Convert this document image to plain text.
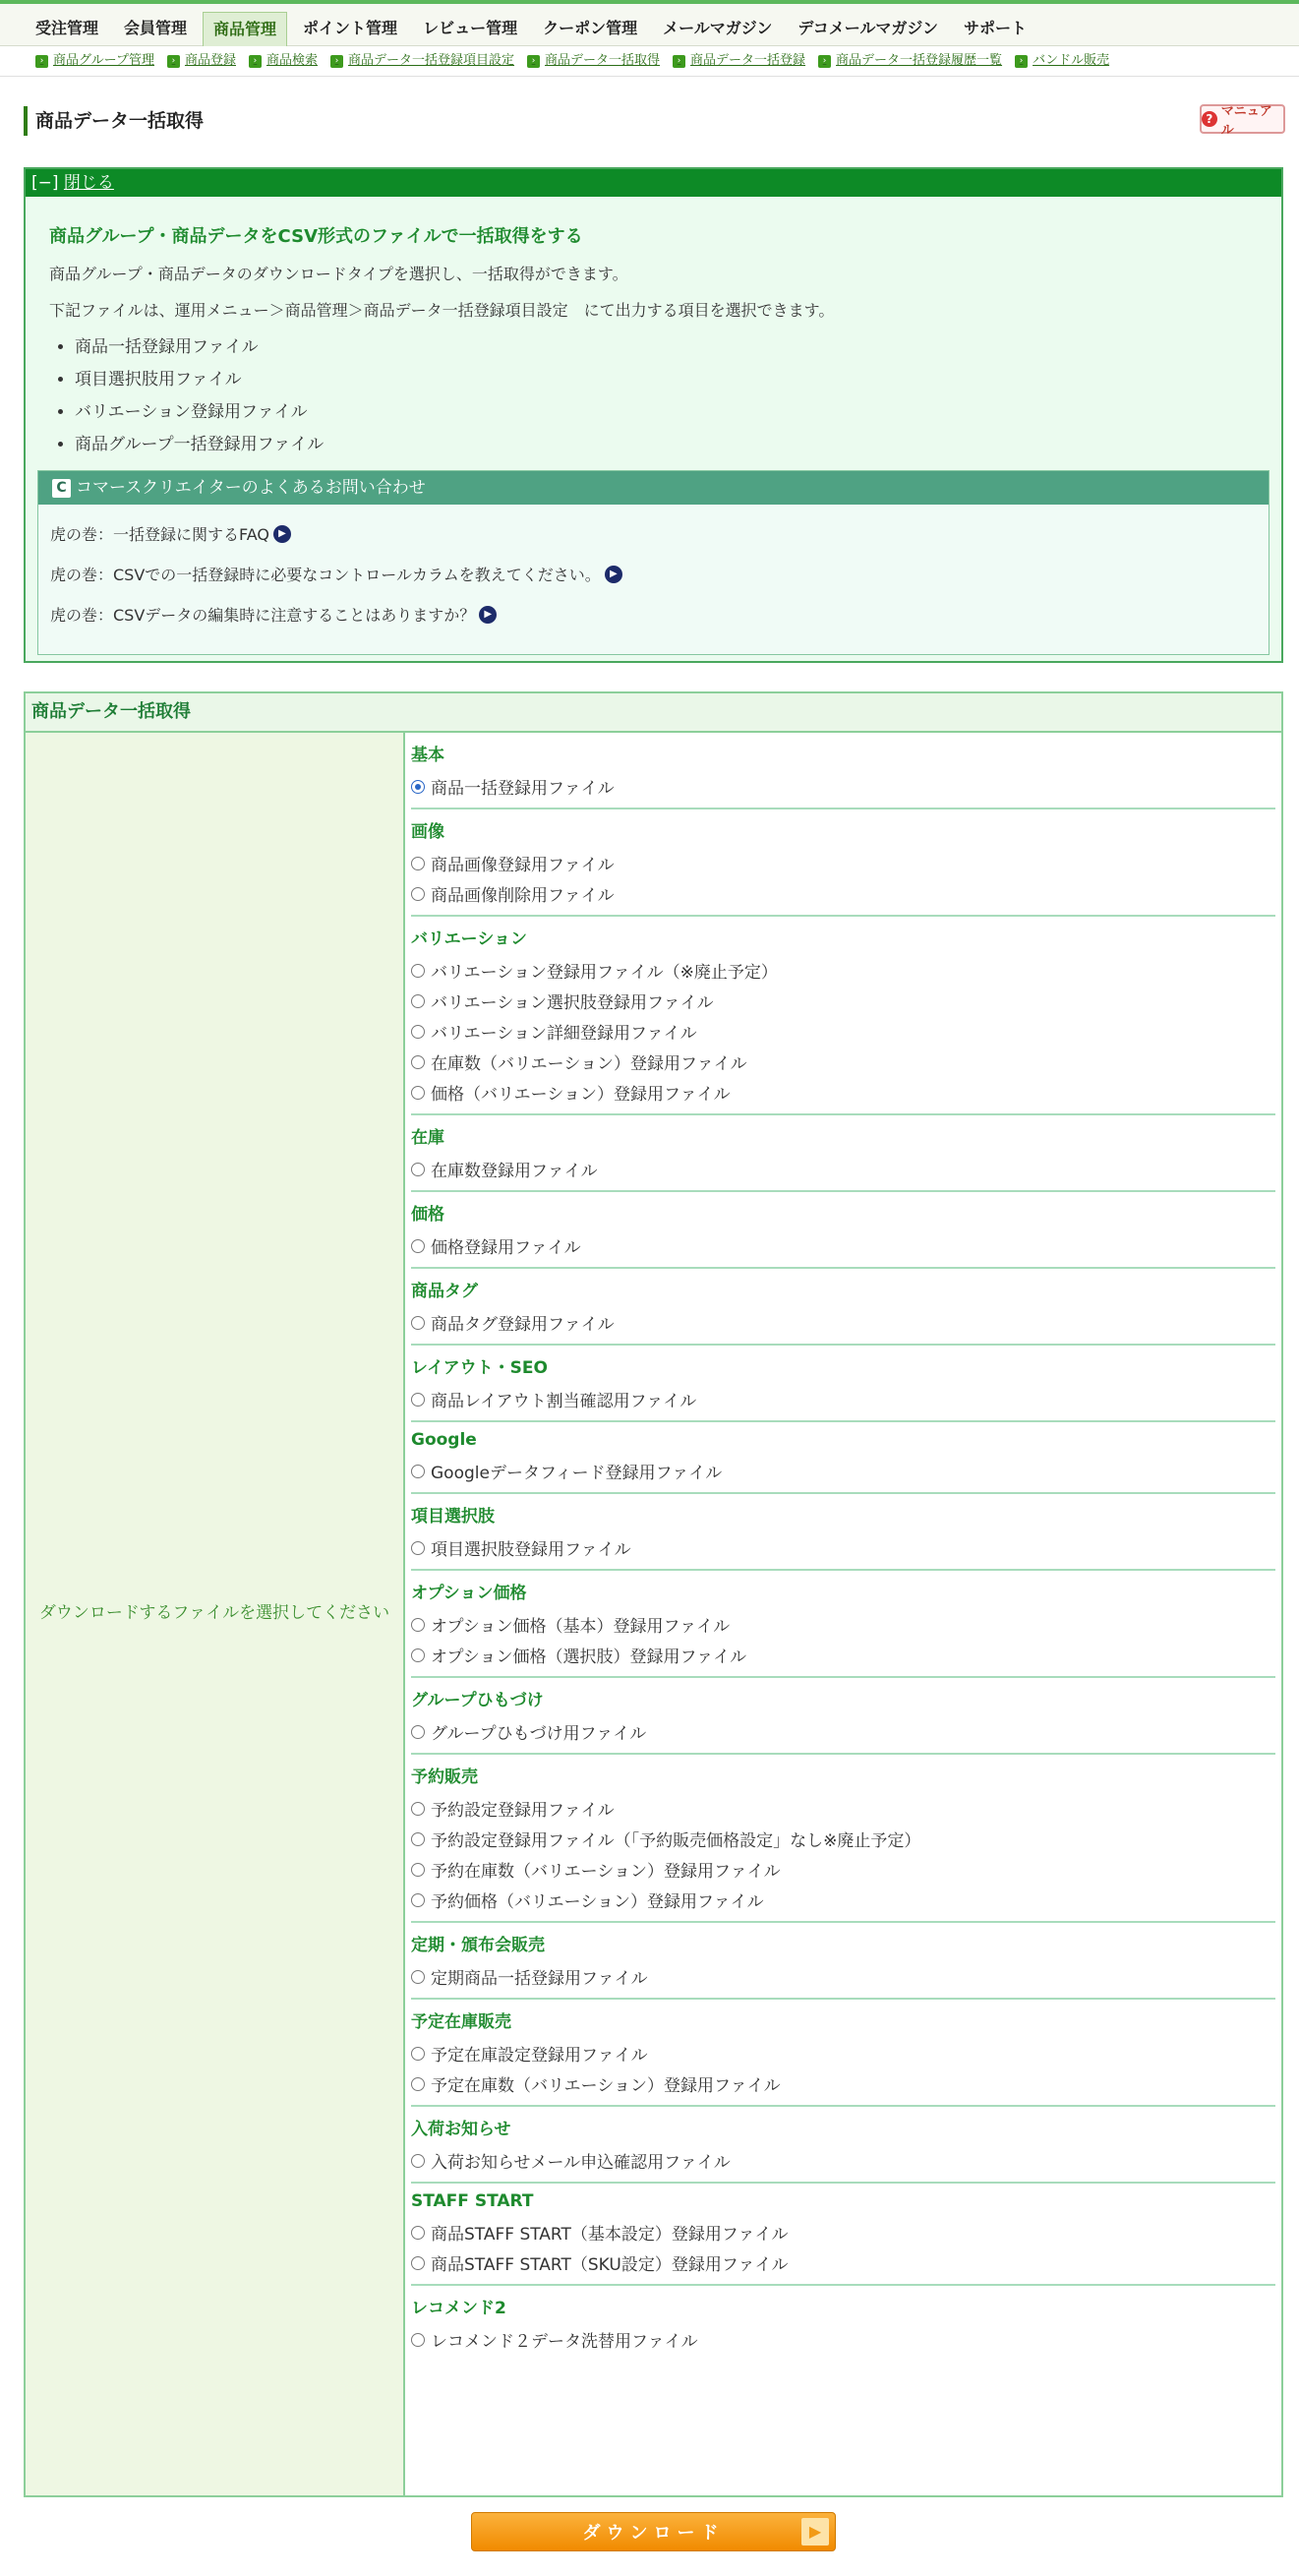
受注管理	会員管理	商品管理	ポイント管理	レビュー管理	クーポン管理	メールマガジン	デコメールマガジン	サポート
› 商品グループ管理	› 商品登録	› 商品検索	› 商品データ一括登録項目設定	› 商品データ一括取得	› 商品データ一括登録	› 商品データ一括登録履歴一覧	› バンドル販売
商品データ一括取得	? マニュアル
[−] 閉じる
商品グループ・商品データをCSV形式のファイルで一括取得をする

商品グループ・商品データのダウンロードタイプを選択し、一括取得ができます。

下記ファイルは、運用メニュー＞商品管理＞商品データ一括登録項目設定　にて出力する項目を選択できます。

• 商品一括登録用ファイル
• 項目選択肢用ファイル
• バリエーション登録用ファイル
• 商品グループ一括登録用ファイル
C コマースクリエイターのよくあるお問い合わせ
虎の巻：一括登録に関するFAQ ▶
虎の巻：CSVでの一括登録時に必要なコントロールカラムを教えてください。 ▶
虎の巻：CSVデータの編集時に注意することはありますか？ ▶
商品データ一括取得
ダウンロードするファイルを選択してください
基本
商品一括登録用ファイル
画像
商品画像登録用ファイル
商品画像削除用ファイル
バリエーション
バリエーション登録用ファイル（※廃止予定）
バリエーション選択肢登録用ファイル
バリエーション詳細登録用ファイル
在庫数（バリエーション）登録用ファイル
価格（バリエーション）登録用ファイル
在庫
在庫数登録用ファイル
価格
価格登録用ファイル
商品タグ
商品タグ登録用ファイル
レイアウト・SEO
商品レイアウト割当確認用ファイル
Google
Googleデータフィード登録用ファイル
項目選択肢
項目選択肢登録用ファイル
オプション価格
オプション価格（基本）登録用ファイル
オプション価格（選択肢）登録用ファイル
グループひもづけ
グループひもづけ用ファイル
予約販売
予約設定登録用ファイル
予約設定登録用ファイル（「予約販売価格設定」なし※廃止予定）
予約在庫数（バリエーション）登録用ファイル
予約価格（バリエーション）登録用ファイル
定期・頒布会販売
定期商品一括登録用ファイル
予定在庫販売
予定在庫設定登録用ファイル
予定在庫数（バリエーション）登録用ファイル
入荷お知らせ
入荷お知らせメール申込確認用ファイル
STAFF START
商品STAFF START（基本設定）登録用ファイル
商品STAFF START（SKU設定）登録用ファイル
レコメンド2
レコメンド２データ洗替用ファイル
ダウンロード	▶
